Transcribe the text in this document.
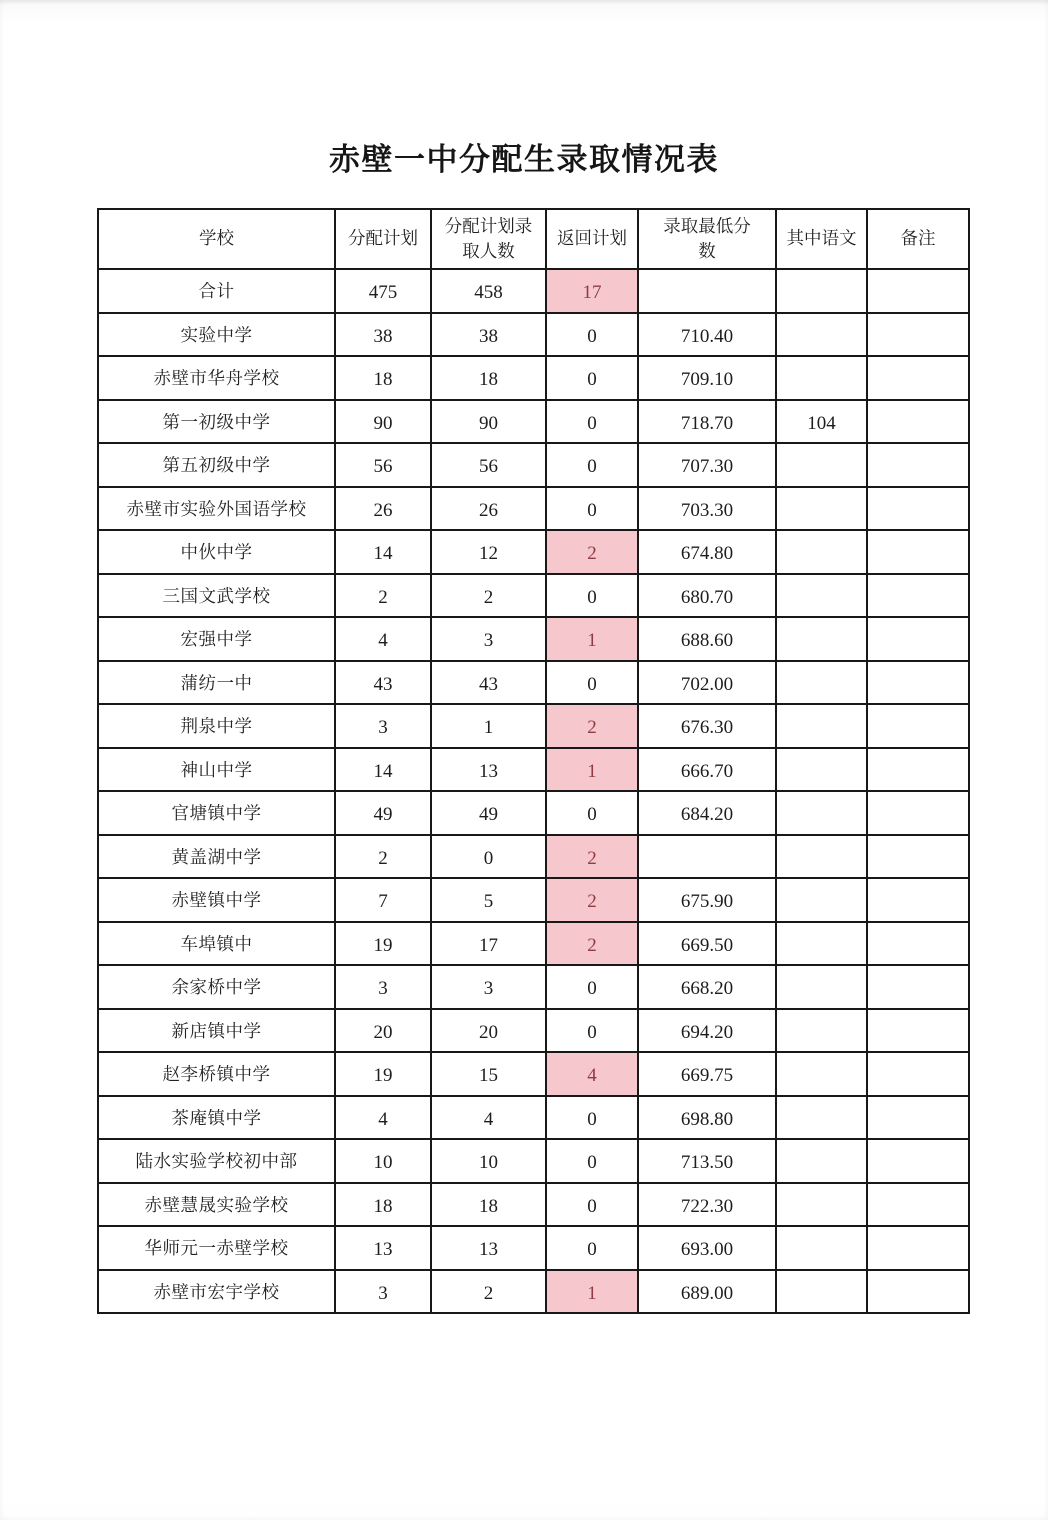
赤壁一中分配生录取情况表
学校	分配计划	分配计划录取人数	返回计划	录取最低分数	其中语文	备注
合计	475	458	17			
实验中学	38	38	0	710.40		
赤壁市华舟学校	18	18	0	709.10		
第一初级中学	90	90	0	718.70	104	
第五初级中学	56	56	0	707.30		
赤壁市实验外国语学校	26	26	0	703.30		
中伙中学	14	12	2	674.80		
三国文武学校	2	2	0	680.70		
宏强中学	4	3	1	688.60		
蒲纺一中	43	43	0	702.00		
荆泉中学	3	1	2	676.30		
神山中学	14	13	1	666.70		
官塘镇中学	49	49	0	684.20		
黄盖湖中学	2	0	2			
赤壁镇中学	7	5	2	675.90		
车埠镇中	19	17	2	669.50		
余家桥中学	3	3	0	668.20		
新店镇中学	20	20	0	694.20		
赵李桥镇中学	19	15	4	669.75		
茶庵镇中学	4	4	0	698.80		
陆水实验学校初中部	10	10	0	713.50		
赤壁慧晟实验学校	18	18	0	722.30		
华师元一赤壁学校	13	13	0	693.00		
赤壁市宏宇学校	3	2	1	689.00		
